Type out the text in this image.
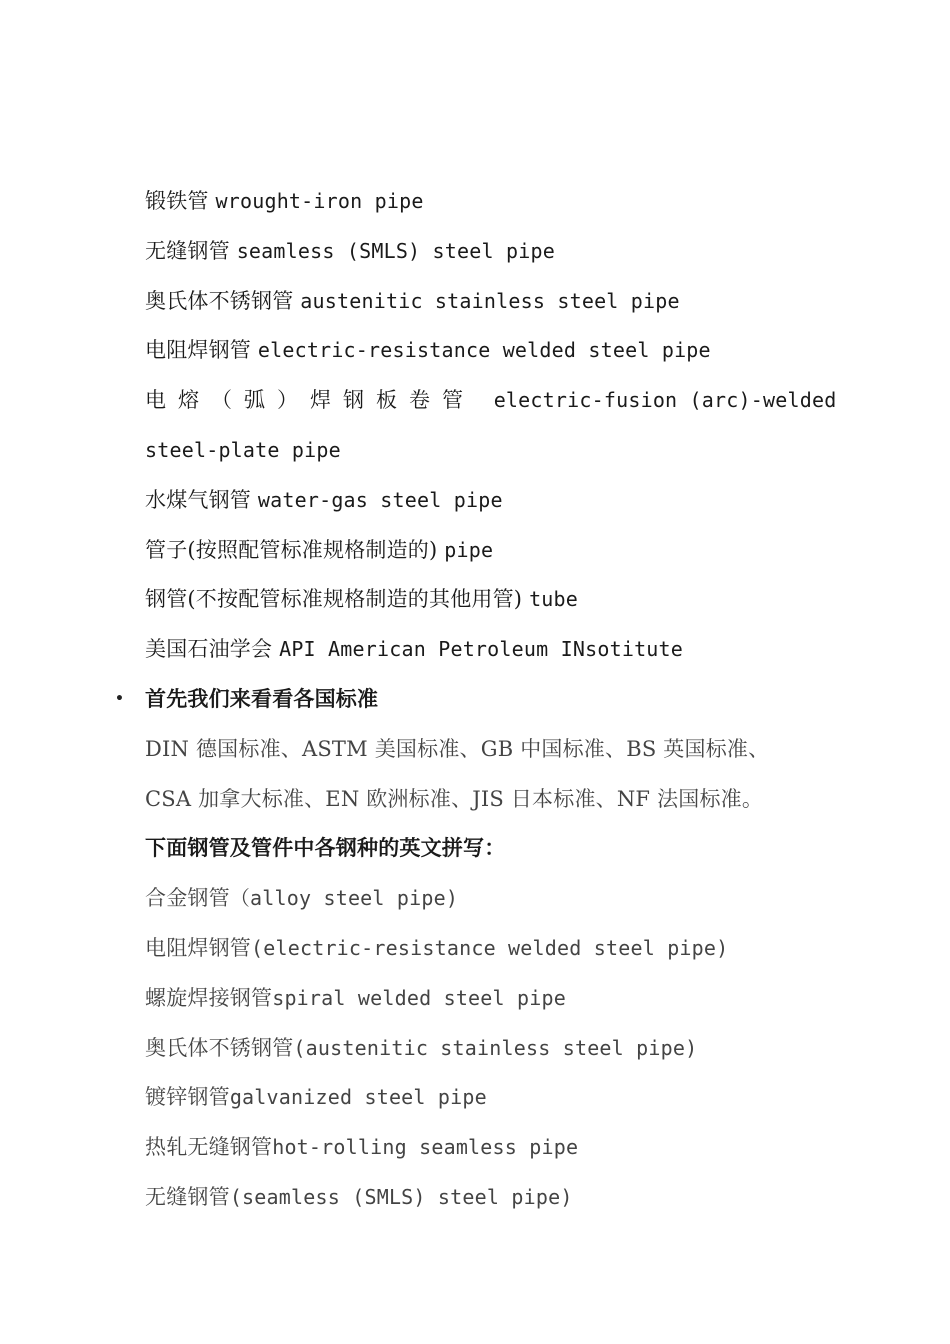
锻铁管 wrought-iron pipe
无缝钢管 seamless (SMLS) steel pipe
奥氏体不锈钢管 austenitic stainless steel pipe
电阻焊钢管 electric-resistance welded steel pipe
电熔（弧）焊钢板卷管 electric-fusion (arc)-welded
steel-plate pipe
水煤气钢管 water-gas steel pipe
管子(按照配管标准规格制造的) pipe
钢管(不按配管标准规格制造的其他用管) tube
美国石油学会 API American Petroleum INsotitute
• 首先我们来看看各国标准
DIN 德国标准、ASTM 美国标准、GB 中国标准、BS 英国标准、
CSA 加拿大标准、EN 欧洲标准、JIS 日本标准、NF 法国标准。
下面钢管及管件中各钢种的英文拼写：
合金钢管（alloy steel pipe)
电阻焊钢管(electric-resistance welded steel pipe)
螺旋焊接钢管spiral welded steel pipe
奥氏体不锈钢管(austenitic stainless steel pipe)
镀锌钢管galvanized steel pipe
热轧无缝钢管hot-rolling seamless pipe
无缝钢管(seamless (SMLS) steel pipe)
